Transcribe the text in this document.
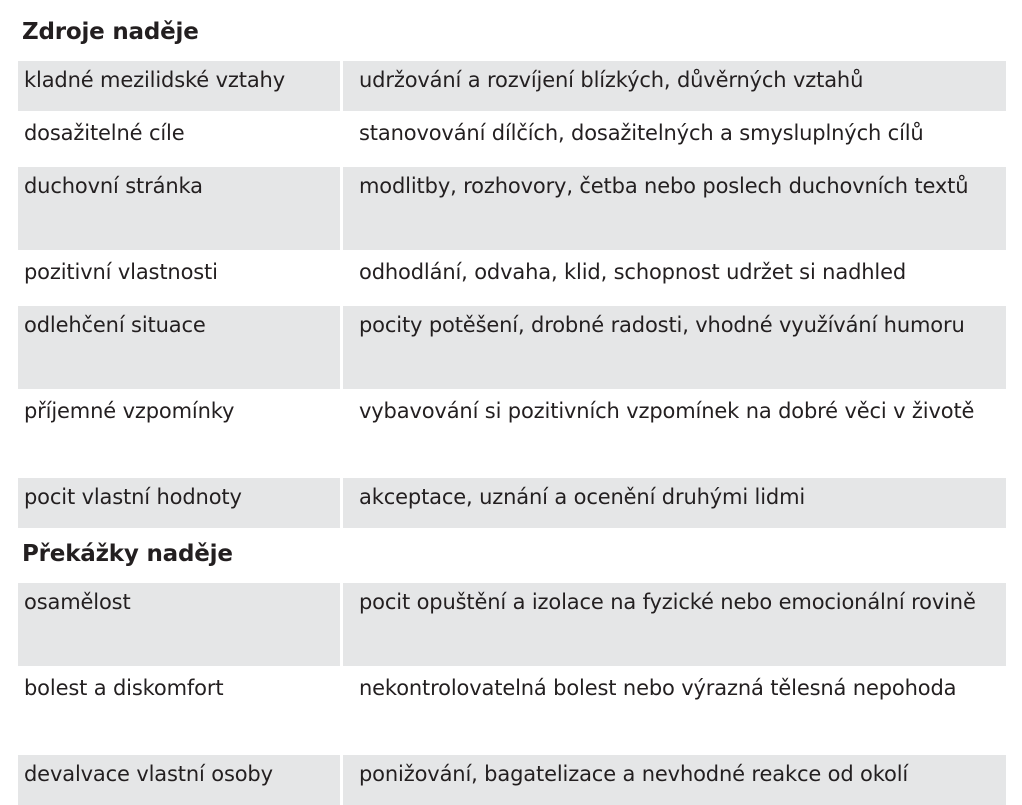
Zdroje naděje
kladné mezilidské vztahy	udržování a rozvíjení blízkých, důvěrných vztahů
dosažitelné cíle	stanovování dílčích, dosažitelných a smysluplných cílů
duchovní stránka	modlitby, rozhovory, četba nebo poslech duchovních textů
pozitivní vlastnosti	odhodlání, odvaha, klid, schopnost udržet si nadhled
odlehčení situace	pocity potěšení, drobné radosti, vhodné využívání humoru
příjemné vzpomínky	vybavování si pozitivních vzpomínek na dobré věci v životě
pocit vlastní hodnoty	akceptace, uznání a ocenění druhými lidmi
Překážky naděje
osamělost	pocit opuštění a izolace na fyzické nebo emocionální rovině
bolest a diskomfort	nekontrolovatelná bolest nebo výrazná tělesná nepohoda
devalvace vlastní osoby	ponižování, bagatelizace a nevhodné reakce od okolí
